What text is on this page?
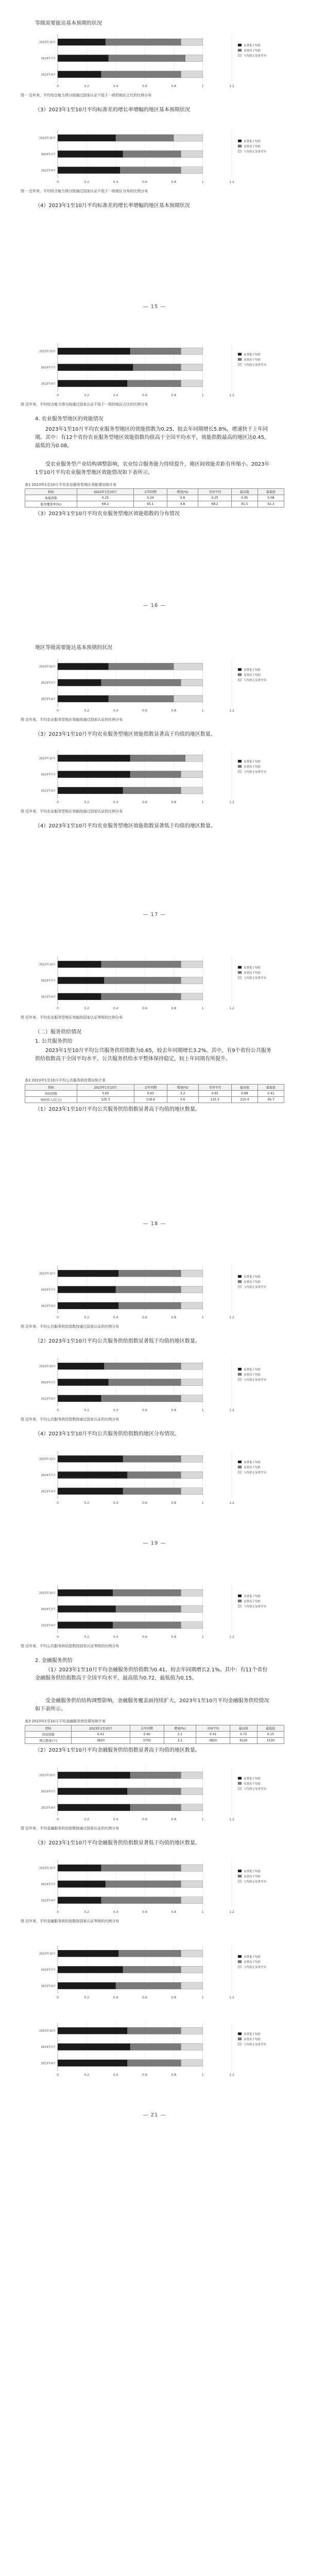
等级需要能达基本预期的状况
0	0.2	0.4	0.6	0.8	1	1.2
2023年10月
2023年7月
2023年4月
显著低于均值
显著高于均值
与均值无显著差异
图一 近年来，平均综合能力得分按通过国家认证不低于一级的地区占比的比例分布
（3）2023年1至10月平均标准差的增长率增幅的地区基本预期状况
0	0.2	0.4	0.6	0.8	1	1.2
2023年10月
2023年7月
2023年4月
显著低于均值
显著高于均值
与均值无显著差异
图一 近年来，平均综合能力得分按通过国家认证不低于一级地区分布的比例分布
（4）2023年1至10月平均标准差的增长率增幅的地区基本预期状况
— 15 —
0	0.2	0.4	0.6	0.8	1	1.2
2023年10月
2023年7月
2023年4月
显著低于均值
显著高于均值
与均值无显著差异
图 近年来，平均综合能力得分按通过国家认证不低于一级的地区占比的比例分布
4. 农业服务型地区的效能情况
2023年1至10月平均农业服务型地区的效能指数为0.25，较去年同期增长5.8%，增速快于上年同期。其中：有12个省份农业服务型地区效能指数均值高于全国平均水平，效能指数最高的地区达0.45，最低的为0.08。
受农业服务型产业结构调整影响，农业综合服务能力持续提升，地区间效能差距有所缩小。2023年1至10月平均农业服务型地区效能情况如下表所示。
表1 2023年1至10月平均农业服务型地区效能情况统计表
指标	2023年1至10月	去年同期	增速(%)	全国平均	最高值	最低值
效能指数	0.25	0.24	5.8	0.25	0.45	0.08
服务覆盖率(%)	68.2	65.1	4.8	68.2	91.5	42.3
（3）2023年1至10月平均农业服务型地区效能指数的分布情况
— 16 —
地区等级需要能达基本预期的状况
0	0.2	0.4	0.6	0.8	1	1.2
2023年10月
2023年7月
2023年4月
显著低于均值
显著高于均值
与均值无显著差异
图 近年来，平均农业服务型地区效能按通过国家认证的比例分布
（3）2023年1至10月平均农业服务型地区效能指数显著高于均值的地区数量。
0	0.2	0.4	0.6	0.8	1	1.2
2023年10月
2023年7月
2023年4月
显著低于均值
显著高于均值
与均值无显著差异
图 近年来，平均农业服务型地区效能按通过国家认证的比例分布
（4）2023年1至10月平均农业服务型地区效能指数显著低于均值的地区数量。
— 17 —
0	0.2	0.4	0.6	0.8	1	1.2
2023年10月
2023年7月
2023年4月
显著低于均值
显著高于均值
与均值无显著差异
图 近年来，平均农业服务型地区效能按国家认证等级的比例分布
（二）服务供给情况
1. 公共服务供给
2023年1至10月平均公共服务供给指数为0.65，较去年同期增长3.2%。其中，有9个省份公共服务供给指数高于全国平均水平，公共服务供给水平整体保持稳定，较上年同期有所提升。
表2 2023年1至10月平均公共服务供给情况统计表
指标	2023年1至10月	去年同期	增速(%)	全国平均	最高值	最低值
供给指数	0.65	0.63	3.2	0.65	0.88	0.41
财政投入(亿元)	125.3	118.6	5.6	125.3	210.4	56.7
（1）2023年1至10月平均公共服务供给指数显著高于均值的地区数量。
— 18 —
0	0.2	0.4	0.6	0.8	1	1.2
2023年10月
2023年7月
2023年4月
显著低于均值
显著高于均值
与均值无显著差异
图 近年来，平均公共服务供给指数按通过国家认证的比例分布
（2）2023年1至10月平均公共服务供给指数显著低于均值的地区数量。
0	0.2	0.4	0.6	0.8	1	1.2
2023年10月
2023年7月
2023年4月
显著低于均值
显著高于均值
与均值无显著差异
图 近年来，平均公共服务供给指数按通过国家认证的比例分布
（4）2023年1至10月平均公共服务供给指数的地区分布情况。
0	0.2	0.4	0.6	0.8	1	1.2
2023年10月
2023年7月
2023年4月
显著低于均值
显著高于均值
与均值无显著差异
— 19 —
0	0.2	0.4	0.6	0.8	1	1.2
2023年10月
2023年7月
2023年4月
显著低于均值
显著高于均值
与均值无显著差异
图 近年来，平均公共服务供给指数按国家认证等级的比例分布
2. 金融服务供给
（1）2023年1至10月平均金融服务供给指数为0.41，较去年同期增长2.1%。其中：有11个省份金融服务供给指数高于全国平均水平，最高值为0.72，最低值为0.15。
受金融服务供给结构调整影响，金融服务覆盖面持续扩大，2023年1至10月平均金融服务供给情况如下表所示。
表3 2023年1至10月平均金融服务供给情况统计表
指标	2023年1至10月	去年同期	增速(%)	全国平均	最高值	最低值
供给指数	0.41	0.40	2.1	0.41	0.72	0.15
网点数量(个)	3820	3705	3.1	3820	6120	1530
（2）2023年1至10月平均金融服务供给指数显著高于均值的地区数量。
0	0.2	0.4	0.6	0.8	1	1.2
2023年10月
2023年7月
2023年4月
显著低于均值
显著高于均值
与均值无显著差异
图 近年来，平均金融服务供给指数按通过国家认证的比例分布
（3）2023年1至10月平均金融服务供给指数显著低于均值的地区数量。
0	0.2	0.4	0.6	0.8	1	1.2
2023年10月
2023年7月
2023年4月
显著低于均值
显著高于均值
与均值无显著差异
图 近年来，平均金融服务供给指数按国家认证等级的比例分布
0	0.2	0.4	0.6	0.8	1	1.2
2023年10月
2023年7月
2023年4月
显著低于均值
显著高于均值
与均值无显著差异
0	0.2	0.4	0.6	0.8	1	1.2
2023年10月
2023年7月
2023年4月
显著低于均值
显著高于均值
与均值无显著差异
— 21 —
